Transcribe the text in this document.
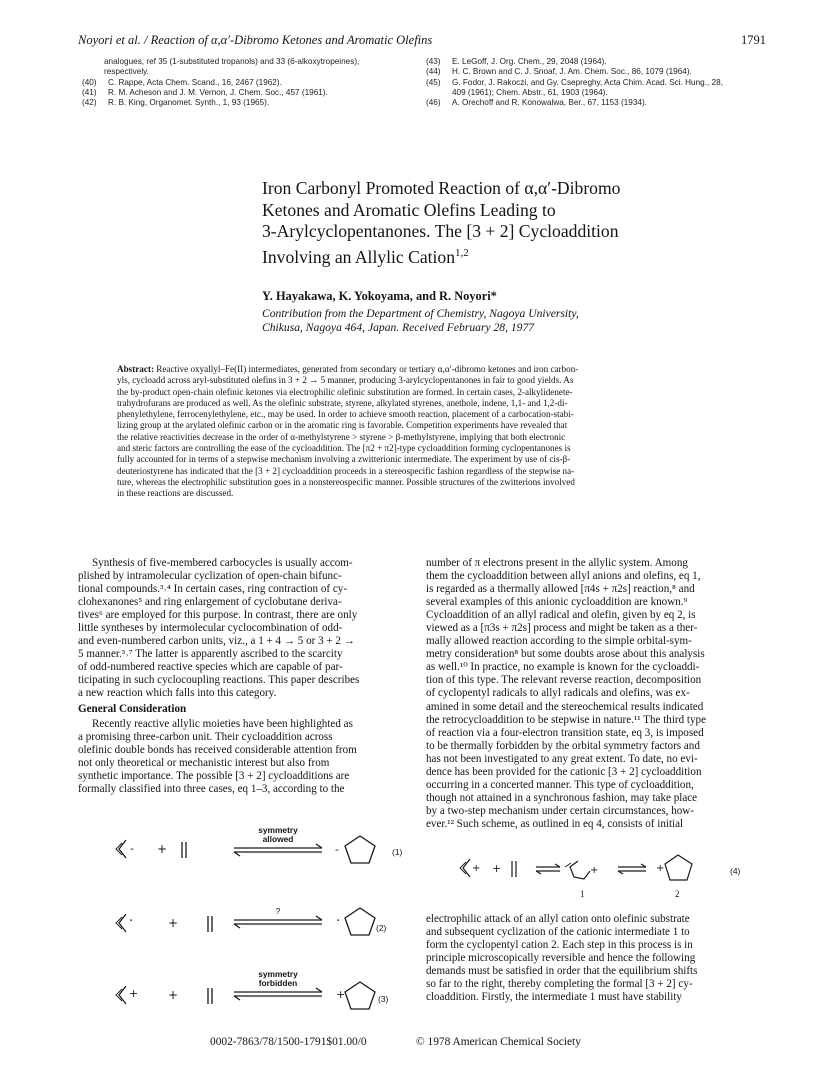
Noyori et al. / Reaction of α,α′-Dibromo Ketones and Aromatic Olefins	1791
analogues, ref 35 (1-substituted tropanols) and 33 (6-alkoxytropeines),
respectively.
(40) C. Rappe, Acta Chem. Scand., 16, 2467 (1962).
(41) R. M. Acheson and J. M. Vernon, J. Chem. Soc., 457 (1961).
(42) R. B. King, Organomet. Synth., 1, 93 (1965).
(43) E. LeGoff, J. Org. Chem., 29, 2048 (1964).
(44) H. C. Brown and C. J. Snoaf, J. Am. Chem. Soc., 86, 1079 (1964).
(45) G. Fodor, J. Rakoczi, and Gy. Csepreghy, Acta Chim. Acad. Sci. Hung., 28,
409 (1961); Chem. Abstr., 61, 1903 (1964).
(46) A. Orechoff and R. Konowalwa, Ber., 67, 1153 (1934).
Iron Carbonyl Promoted Reaction of α,α′-Dibromo
Ketones and Aromatic Olefins Leading to
3-Arylcyclopentanones. The [3 + 2] Cycloaddition
Involving an Allylic Cation$^{1,2}$
Y. Hayakawa, K. Yokoyama, and R. Noyori*
Contribution from the Department of Chemistry, Nagoya University,
Chikusa, Nagoya 464, Japan. Received February 28, 1977
Abstract: Reactive oxyallyl–Fe(II) intermediates, generated from secondary or tertiary α,α′-dibromo ketones and iron carbon-
yls, cycloadd across aryl-substituted olefins in 3 + 2 → 5 manner, producing 3-arylcyclopentanones in fair to good yields. As
the by-product open-chain olefinic ketones via electrophilic olefinic substitution are formed. In certain cases, 2-alkylidenete-
trahydrofurans are produced as well. As the olefinic substrate, styrene, alkylated styrenes, anethole, indene, 1,1- and 1,2-di-
phenylethylene, ferrocenylethylene, etc., may be used. In order to achieve smooth reaction, placement of a carbocation-stabi-
lizing group at the arylated olefinic carbon or in the aromatic ring is favorable. Competition experiments have revealed that
the relative reactivities decrease in the order of α-methylstyrene > styrene > β-methylstyrene, implying that both electronic
and steric factors are controlling the ease of the cycloaddition. The [π2 + π2]-type cycloaddition forming cyclopentanones is
fully accounted for in terms of a stepwise mechanism involving a zwitterionic intermediate. The experiment by use of cis-β-
deuteriostyrene has indicated that the [3 + 2] cycloaddition proceeds in a stereospecific fashion regardless of the stepwise na-
ture, whereas the electrophilic substitution goes in a nonstereospecific manner. Possible structures of the zwitterions involved
in these reactions are discussed.
Synthesis of five-membered carbocycles is usually accom-
plished by intramolecular cyclization of open-chain bifunc-
tional compounds.³˒⁴ In certain cases, ring contraction of cy-
clohexanones⁵ and ring enlargement of cyclobutane deriva-
tives⁶ are employed for this purpose. In contrast, there are only
little syntheses by intermolecular cyclocombination of odd-
and even-numbered carbon units, viz., a 1 + 4 → 5 or 3 + 2 →
5 manner.³˒⁷ The latter is apparently ascribed to the scarcity
of odd-numbered reactive species which are capable of par-
ticipating in such cyclocoupling reactions. This paper describes
a new reaction which falls into this category.
General Consideration
Recently reactive allylic moieties have been highlighted as
a promising three-carbon unit. Their cycloaddition across
olefinic double bonds has received considerable attention from
not only theoretical or mechanistic interest but also from
synthetic importance. The possible [3 + 2] cycloadditions are
formally classified into three cases, eq 1–3, according to the
number of π electrons present in the allylic system. Among
them the cycloaddition between allyl anions and olefins, eq 1,
is regarded as a thermally allowed [π4s + π2s] reaction,⁸ and
several examples of this anionic cycloaddition are known.⁹
Cycloaddition of an allyl radical and olefin, given by eq 2, is
viewed as a [π3s + π2s] process and might be taken as a ther-
mally allowed reaction according to the simple orbital-sym-
metry consideration⁸ but some doubts arose about this analysis
as well.¹⁰ In practice, no example is known for the cycloaddi-
tion of this type. The relevant reverse reaction, decomposition
of cyclopentyl radicals to allyl radicals and olefins, was ex-
amined in some detail and the stereochemical results indicated
the retrocycloaddition to be stepwise in nature.¹¹ The third type
of reaction via a four-electron transition state, eq 3, is imposed
to be thermally forbidden by the orbital symmetry factors and
has not been investigated to any great extent. To date, no evi-
dence has been provided for the cationic [3 + 2] cycloaddition
occurring in a concerted manner. This type of cycloaddition,
though not attained in a synchronous fashion, may take place
by a two-step mechanism under certain circumstances, how-
ever.¹² Such scheme, as outlined in eq 4, consists of initial
electrophilic attack of an allyl cation onto olefinic substrate
and subsequent cyclization of the cationic intermediate 1 to
form the cyclopentyl cation 2. Each step in this process is in
principle microscopically reversible and hence the following
demands must be satisfied in order that the equilibrium shifts
so far to the right, thereby completing the formal [3 + 2] cy-
cloaddition. Firstly, the intermediate 1 must have stability
- +	-
symmetry
allowed
(1)
·	+	·
?
(2)
+ +	+
symmetry
forbidden
(3)
+ +	+	+
1	2
(4)
0002-7863/78/1500-1791$01.00/0	© 1978 American Chemical Society
